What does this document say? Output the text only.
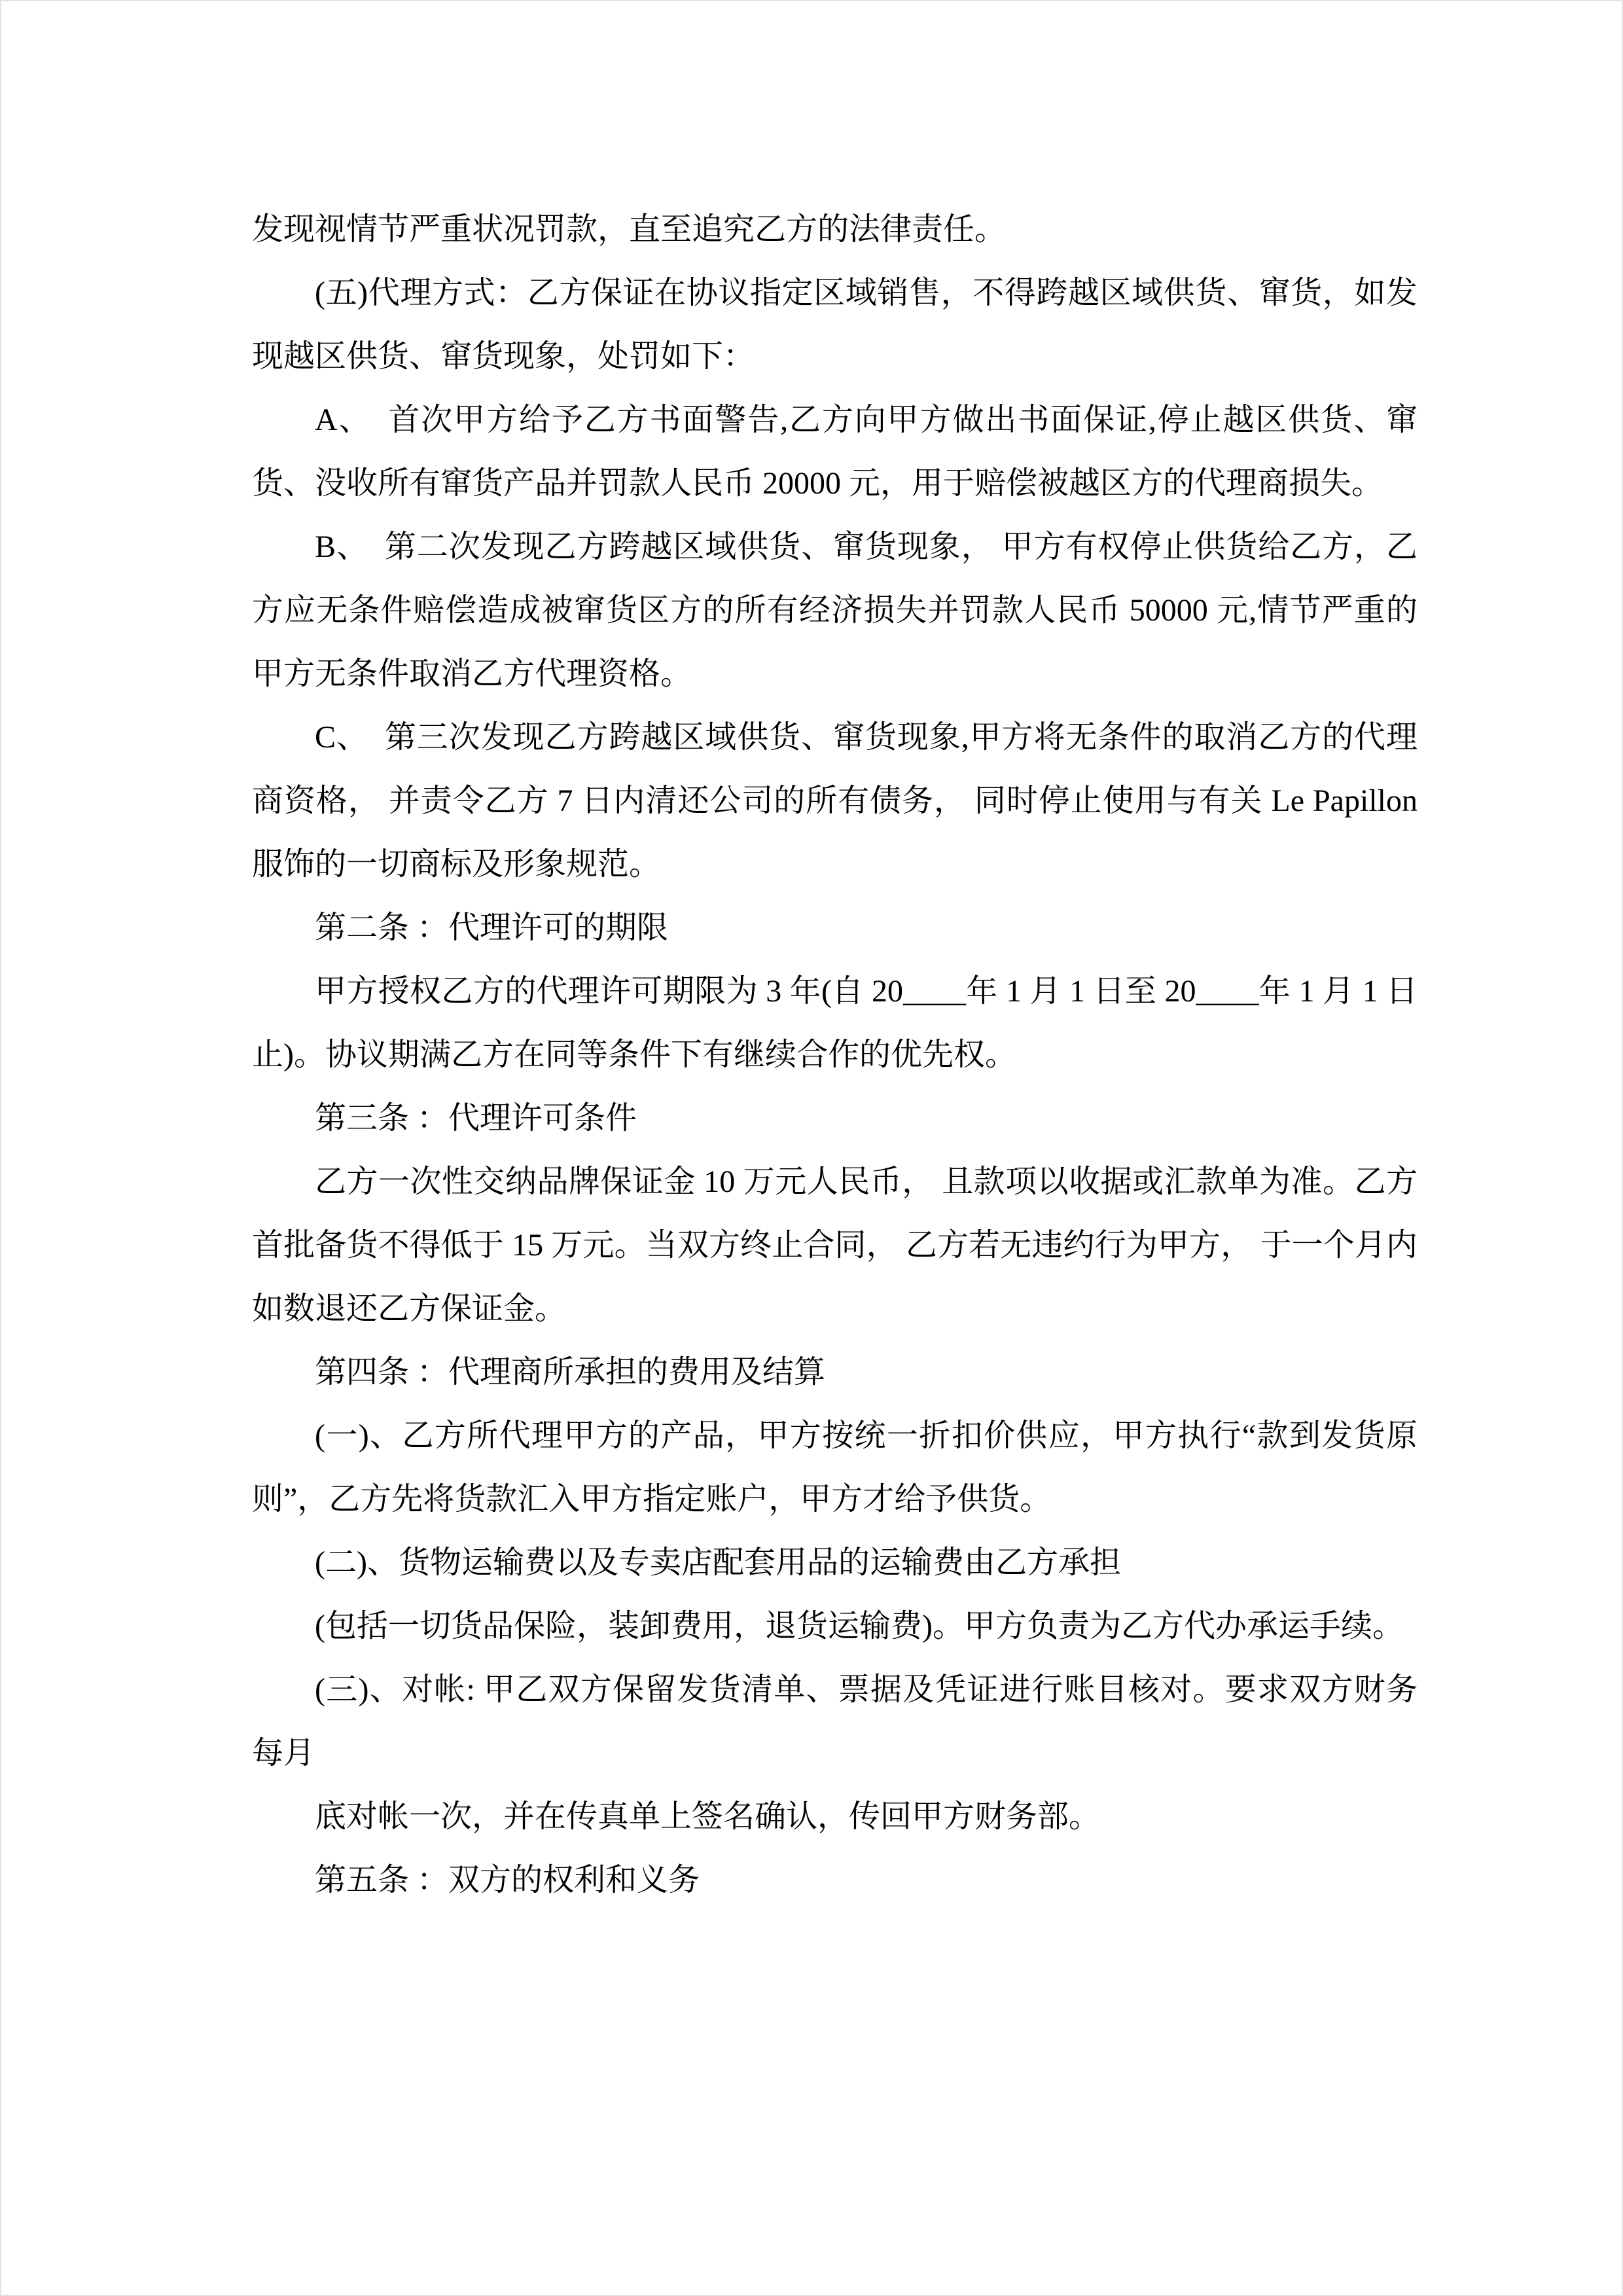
发现视情节严重状况罚款，直至追究乙方的法律责任。

(五)代理方式：乙方保证在协议指定区域销售，不得跨越区域供货、窜货，如发现越区供货、窜货现象，处罚如下：

A、　首次甲方给予乙方书面警告,乙方向甲方做出书面保证,停止越区供货、窜货、没收所有窜货产品并罚款人民币 20000 元，用于赔偿被越区方的代理商损失。

B、　第二次发现乙方跨越区域供货、窜货现象， 甲方有权停止供货给乙方，乙方应无条件赔偿造成被窜货区方的所有经济损失并罚款人民币 50000 元,情节严重的甲方无条件取消乙方代理资格。

C、　第三次发现乙方跨越区域供货、窜货现象,甲方将无条件的取消乙方的代理商资格， 并责令乙方 7 日内清还公司的所有债务， 同时停止使用与有关 Le Papillon 服饰的一切商标及形象规范。

第二条 ：代理许可的期限

甲方授权乙方的代理许可期限为 3 年(自 20____年 1 月 1 日至 20____年 1 月 1 日止)。协议期满乙方在同等条件下有继续合作的优先权。

第三条 ：代理许可条件

乙方一次性交纳品牌保证金 10 万元人民币， 且款项以收据或汇款单为准。乙方首批备货不得低于 15 万元。当双方终止合同， 乙方若无违约行为甲方， 于一个月内如数退还乙方保证金。

第四条 ：代理商所承担的费用及结算

(一)、乙方所代理甲方的产品，甲方按统一折扣价供应，甲方执行“款到发货原则”，乙方先将货款汇入甲方指定账户，甲方才给予供货。

(二)、货物运输费以及专卖店配套用品的运输费由乙方承担

(包括一切货品保险，装卸费用，退货运输费)。甲方负责为乙方代办承运手续。

(三)、对帐: 甲乙双方保留发货清单、票据及凭证进行账目核对。要求双方财务每月

底对帐一次，并在传真单上签名确认，传回甲方财务部。

第五条 ：双方的权利和义务
